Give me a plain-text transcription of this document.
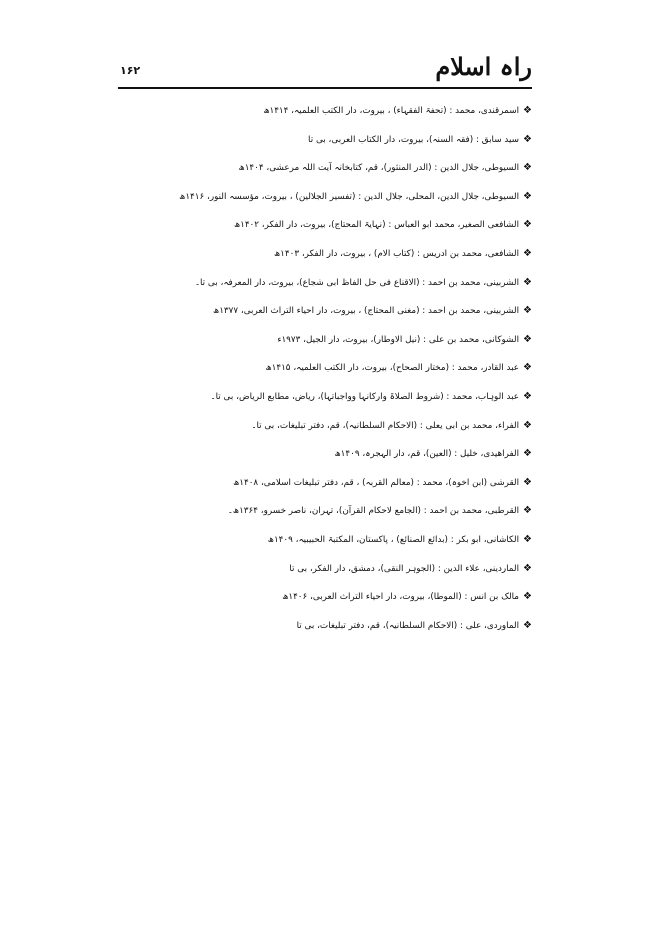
راہ اسلام
۱۶۲
❖اسمرقندی، محمد : (تحفۃ الفقہاء) ، بیروت، دار الکتب العلمیہ، ۱۴۱۴ھ
❖سید سابق : (فقہ السنہ)، بیروت، دار الکتاب العربی، بی تا
❖السیوطی، جلال الدین : (الدر المنثور)، قم، کتابخانہ آیت اللہ مرعشی، ۱۴۰۴ھ
❖السیوطی، جلال الدین، المحلی، جلال الدین : (تفسیر الجلالین) ، بیروت، مؤسسہ النور، ۱۴۱۶ھ
❖الشافعی الصغیر، محمد ابو العباس : (نہایۃ المحتاج)، بیروت، دار الفکر، ۱۴۰۲ھ
❖الشافعی، محمد بن ادریس : (کتاب الام) ، بیروت، دار الفکر، ۱۴۰۳ھ
❖الشربینی، محمد بن احمد : (الاقناع فی حل الفاظ ابی شجاع)، بیروت، دار المعرفہ، بی تا۔
❖الشربینی، محمد بن احمد : (مغنی المحتاج) ، بیروت، دار احیاء التراث العربی، ۱۳۷۷ھ
❖الشوکانی، محمد بن علی : (نیل الاوطار)، بیروت، دار الجیل، ۱۹۷۳ء
❖عبد القادر، محمد : (مختار الصحاح)، بیروت، دار الکتب العلمیہ، ۱۴۱۵ھ
❖عبد الوہاب، محمد : (شروط الصلاۃ وارکانہا وواجباتہا)، ریاض، مطابع الریاض، بی تا۔
❖الفراء، محمد بن ابی یعلی : (الاحکام السلطانیہ)، قم، دفتر تبلیغات، بی تا۔
❖الفراھیدی، خلیل : (العین)، قم، دار الہجرہ، ۱۴۰۹ھ
❖القرشی (ابن اخوہ)، محمد : (معالم القربہ) ، قم، دفتر تبلیغات اسلامی، ۱۴۰۸ھ
❖القرطبی، محمد بن احمد : (الجامع لاحکام القرآن)، تہران، ناصر خسرو، ۱۳۶۴ھ۔
❖الکاشانی، ابو بکر : (بدائع الصنائع) ، پاکستان، المکتبۃ الحبیبیہ، ۱۴۰۹ھ
❖الماردینی، علاء الدین : (الجوہر النقی)، دمشق، دار الفکر، بی تا
❖مالک بن انس : (الموطا)، بیروت، دار احیاء التراث العربی، ۱۴۰۶ھ
❖الماوردی، علی : (الاحکام السلطانیہ)، قم، دفتر تبلیغات، بی تا
